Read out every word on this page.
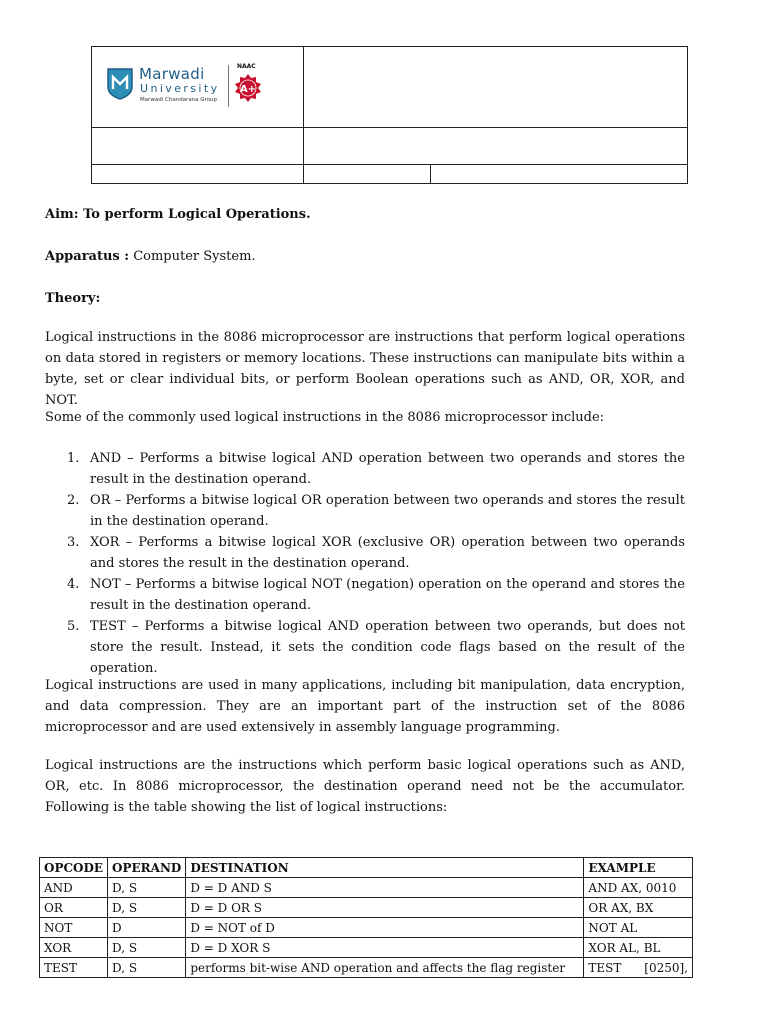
Marwadi
University
Marwadi Chandarana Group
NAAC
A+

Aim: To perform Logical Operations.

Apparatus : Computer System.

Theory:

Logical instructions in the 8086 microprocessor are instructions that perform logical operations on data stored in registers or memory locations. These instructions can manipulate bits within a byte, set or clear individual bits, or perform Boolean operations such as AND, OR, XOR, and NOT.

Some of the commonly used logical instructions in the 8086 microprocessor include:

1. AND – Performs a bitwise logical AND operation between two operands and stores the result in the destination operand.
2. OR – Performs a bitwise logical OR operation between two operands and stores the result in the destination operand.
3. XOR – Performs a bitwise logical XOR (exclusive OR) operation between two operands and stores the result in the destination operand.
4. NOT – Performs a bitwise logical NOT (negation) operation on the operand and stores the result in the destination operand.
5. TEST – Performs a bitwise logical AND operation between two operands, but does not store the result. Instead, it sets the condition code flags based on the result of the operation.

Logical instructions are used in many applications, including bit manipulation, data encryption, and data compression. They are an important part of the instruction set of the 8086 microprocessor and are used extensively in assembly language programming.

Logical instructions are the instructions which perform basic logical operations such as AND, OR, etc. In 8086 microprocessor, the destination operand need not be the accumulator. Following is the table showing the list of logical instructions:

OPCODE	OPERAND	DESTINATION	EXAMPLE
AND	D, S	D = D AND S	AND AX, 0010
OR	D, S	D = D OR S	OR AX, BX
NOT	D	D = NOT of D	NOT AL
XOR	D, S	D = D XOR S	XOR AL, BL
TEST	D, S	performs bit-wise AND operation and affects the flag register	TEST      [0250],
